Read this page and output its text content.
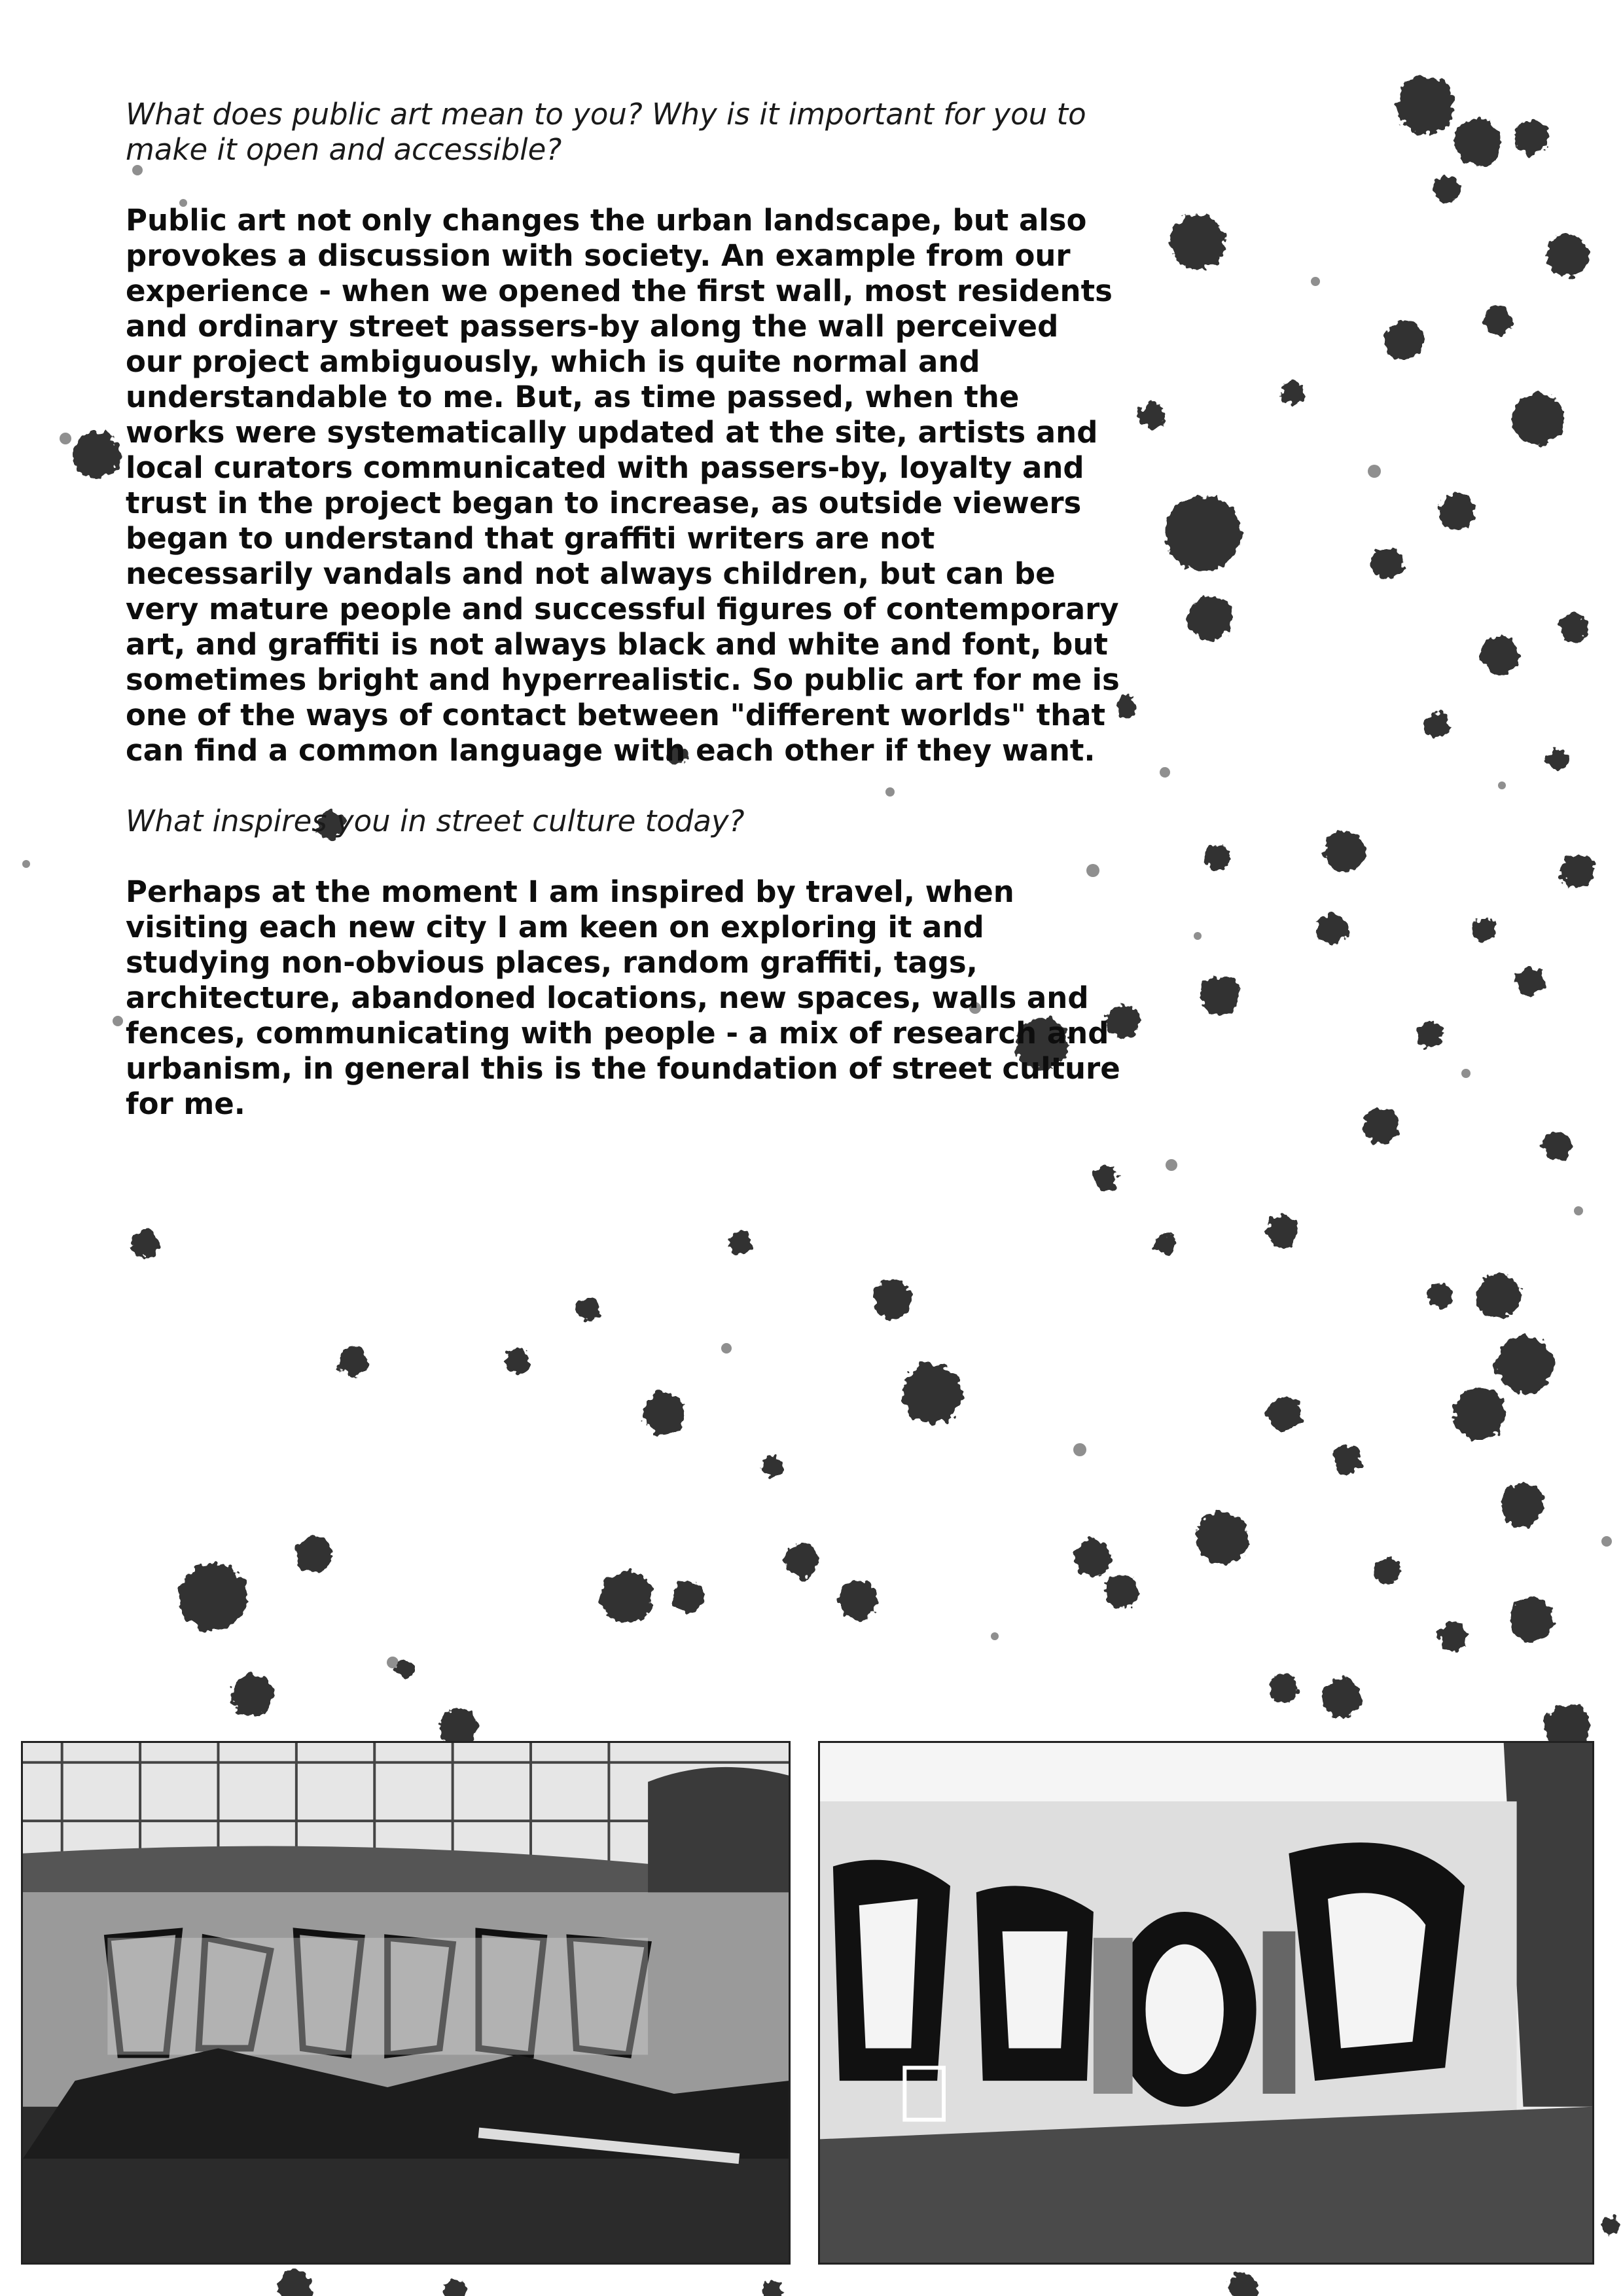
What does public art mean to you? Why is it important for you to make it open and accessible?

Public art not only changes the urban landscape, but also provokes a discussion with society. An example from our experience - when we opened the first wall, most residents and ordinary street passers-by along the wall perceived our project ambiguously, which is quite normal and understandable to me. But, as time passed, when the works were systematically updated at the site, artists and local curators communicated with passers-by, loyalty and trust in the project began to increase, as outside viewers began to understand that graffiti writers are not necessarily vandals and not always children, but can be very mature people and successful figures of contemporary art, and graffiti is not always black and white and font, but sometimes bright and hyperrealistic. So public art for me is one of the ways of contact between "different worlds" that can find a common language with each other if they want.

What inspires you in street culture today?

Perhaps at the moment I am inspired by travel, when visiting each new city I am keen on exploring it and studying non-obvious places, random graffiti, tags, architecture, abandoned locations, new spaces, walls and fences, communicating with people - a mix of research and urbanism, in general this is the foundation of street culture for me.
